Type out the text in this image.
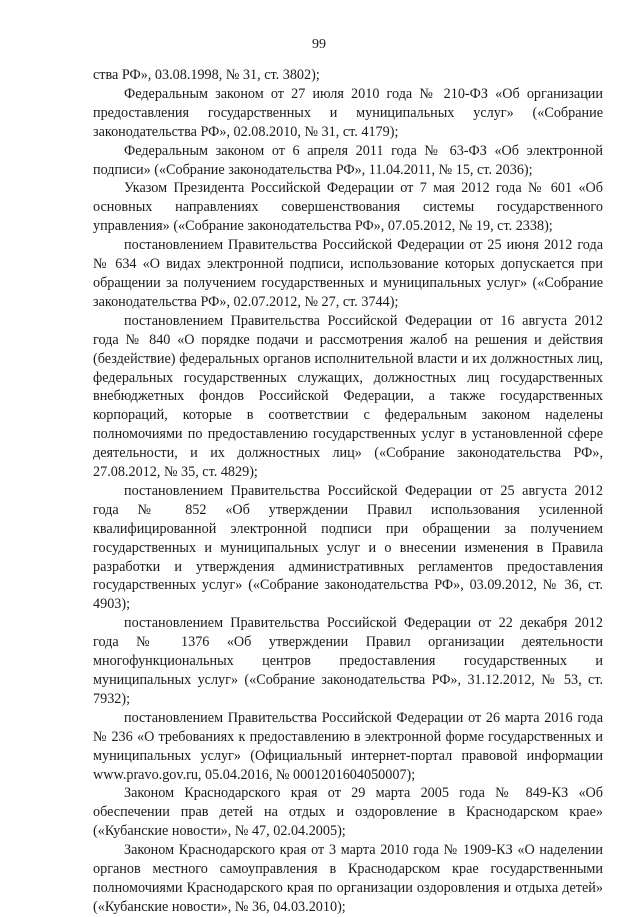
99

ства РФ», 03.08.1998, № 31, ст. 3802);

Федеральным законом от 27 июля 2010 года № 210-ФЗ «Об организации предоставления государственных и муниципальных услуг» («Собрание законодательства РФ», 02.08.2010, № 31, ст. 4179);

Федеральным законом от 6 апреля 2011 года № 63-ФЗ «Об электронной подписи» («Собрание законодательства РФ», 11.04.2011, № 15, ст. 2036);

Указом Президента Российской Федерации от 7 мая 2012 года № 601 «Об основных направлениях совершенствования системы государственного управления» («Собрание законодательства РФ», 07.05.2012, № 19, ст. 2338);

постановлением Правительства Российской Федерации от 25 июня 2012 года № 634 «О видах электронной подписи, использование которых допускается при обращении за получением государственных и муниципальных услуг» («Собрание законодательства РФ», 02.07.2012, № 27, ст. 3744);

постановлением Правительства Российской Федерации от 16 августа 2012 года № 840 «О порядке подачи и рассмотрения жалоб на решения и действия (бездействие) федеральных органов исполнительной власти и их должностных лиц, федеральных государственных служащих, должностных лиц государственных внебюджетных фондов Российской Федерации, а также государственных корпораций, которые в соответствии с федеральным законом наделены полномочиями по предоставлению государственных услуг в установленной сфере деятельности, и их должностных лиц» («Собрание законодательства РФ», 27.08.2012, № 35, ст. 4829);

постановлением Правительства Российской Федерации от 25 августа 2012 года № 852 «Об утверждении Правил использования усиленной квалифицированной электронной подписи при обращении за получением государственных и муниципальных услуг и о внесении изменения в Правила разработки и утверждения административных регламентов предоставления государственных услуг» («Собрание законодательства РФ», 03.09.2012, № 36, ст. 4903);

постановлением Правительства Российской Федерации от 22 декабря 2012 года № 1376 «Об утверждении Правил организации деятельности многофункциональных центров предоставления государственных и муниципальных услуг» («Собрание законодательства РФ», 31.12.2012, № 53, ст. 7932);

постановлением Правительства Российской Федерации от 26 марта 2016 года № 236 «О требованиях к предоставлению в электронной форме государственных и муниципальных услуг» (Официальный интернет-портал правовой информации www.pravo.gov.ru, 05.04.2016, № 0001201604050007);

Законом Краснодарского края от 29 марта 2005 года № 849-КЗ «Об обеспечении прав детей на отдых и оздоровление в Краснодарском крае» («Кубанские новости», № 47, 02.04.2005);

Законом Краснодарского края от 3 марта 2010 года № 1909-КЗ «О наделении органов местного самоуправления в Краснодарском крае государственными полномочиями Краснодарского края по организации оздоровления и отдыха детей» («Кубанские новости», № 36, 04.03.2010);
